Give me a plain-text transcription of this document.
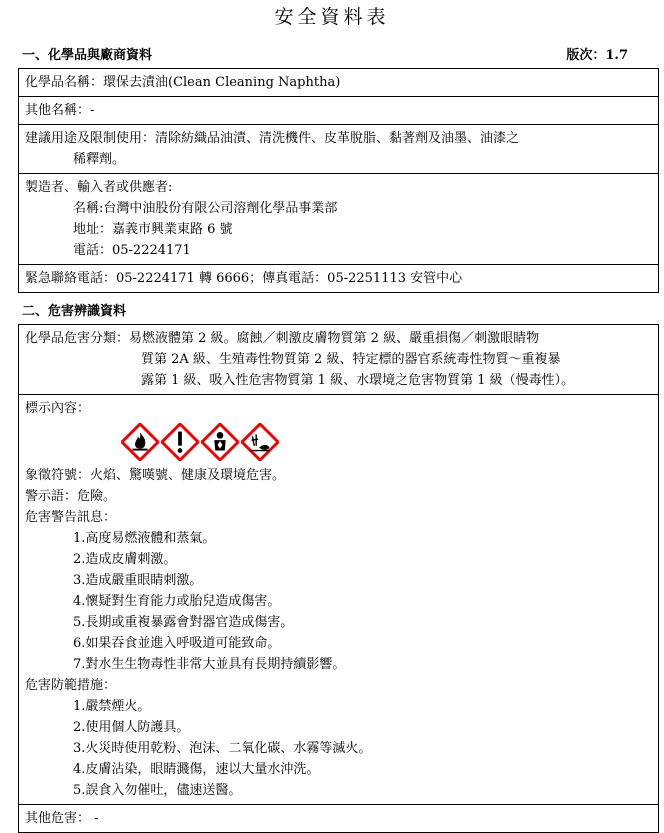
安全資料表
一、化學品與廠商資料	版次：1.7
化學品名稱：環保去漬油(Clean Cleaning Naphtha)
其他名稱：-

建議用途及限制使用： 清除紡織品油漬、清洗機件、皮革脫脂、黏著劑及油墨、油漆之
稀釋劑。

製造者、輸入者或供應者:
名稱:台灣中油股份有限公司溶劑化學品事業部
地址：嘉義市興業東路 6 號
電話：05-2224171

緊急聯絡電話：05-2224171 轉 6666；傳真電話：05-2251113 安管中心
二、危害辨識資料
化學品危害分類： 易燃液體第 2 級。腐蝕／刺激皮膚物質第 2 級、嚴重損傷／刺激眼睛物
質第 2A 級、生殖毒性物質第 2 級、特定標的器官系統毒性物質～重複暴
露第 1 級、吸入性危害物質第 1 級、水環境之危害物質第 1 級（慢毒性）。

標示內容：
象徵符號：火焰、驚嘆號、健康及環境危害。
警示語：危險。
危害警告訊息：
1.高度易燃液體和蒸氣。
2.造成皮膚刺激。
3.造成嚴重眼睛刺激。
4.懷疑對生育能力或胎兒造成傷害。
5.長期或重複暴露會對器官造成傷害。
6.如果吞食並進入呼吸道可能致命。
7.對水生生物毒性非常大並具有長期持續影響。
危害防範措施：
1.嚴禁煙火。
2.使用個人防護具。
3.火災時使用乾粉、泡沫、二氧化碳、水霧等滅火。
4.皮膚沾染，眼睛濺傷，速以大量水沖洗。
5.誤食入勿催吐，儘速送醫。

其他危害： -
